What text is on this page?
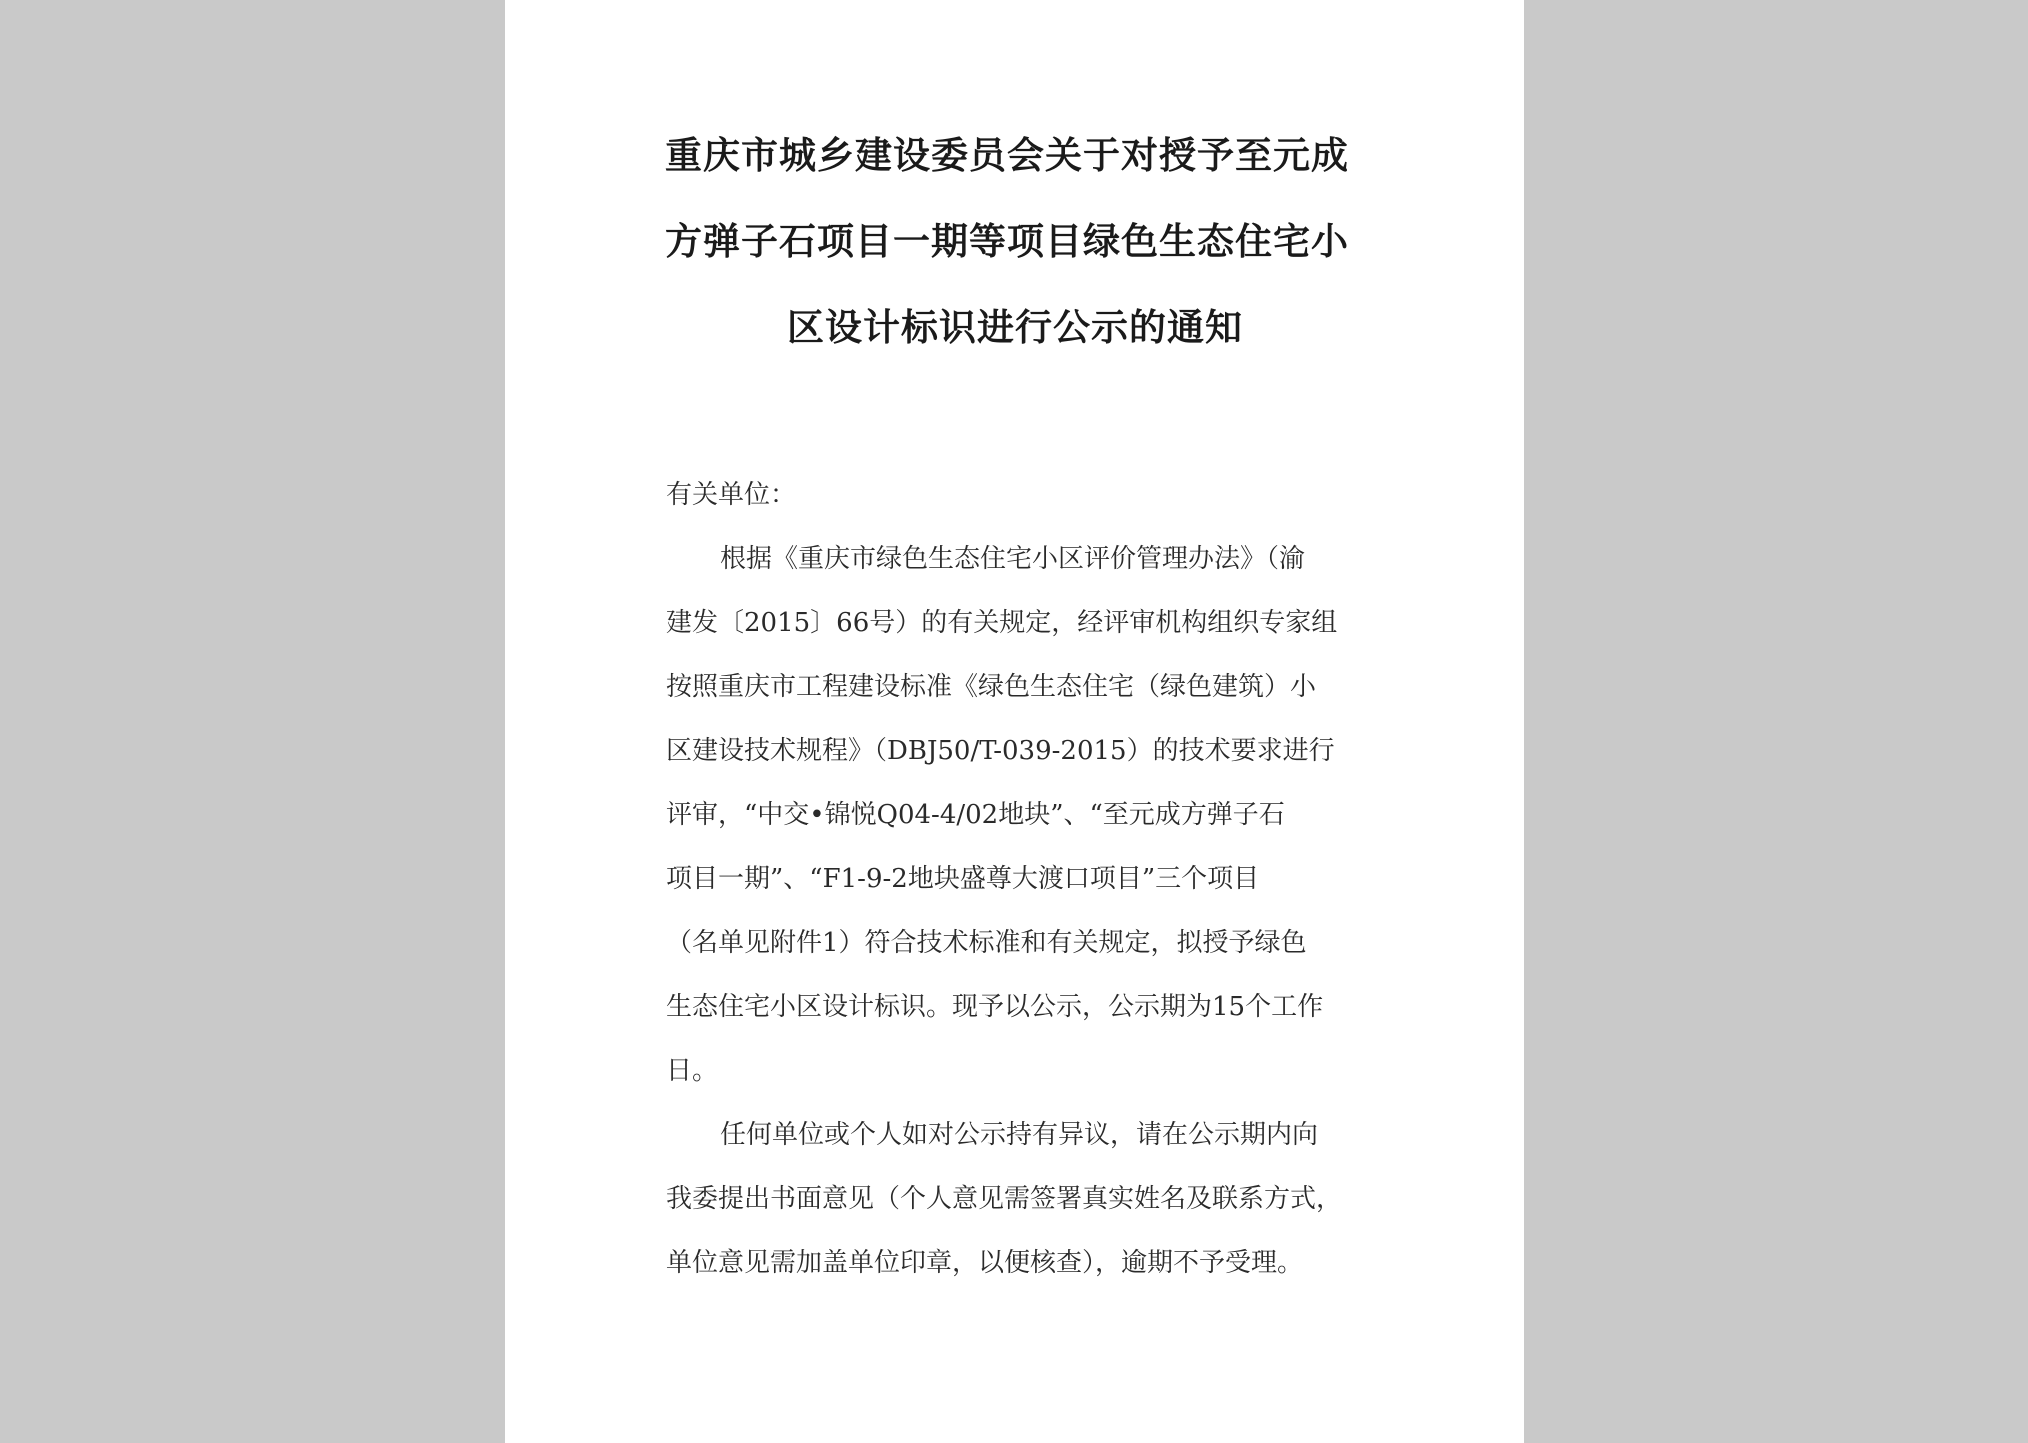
重庆市城乡建设委员会关于对授予至元成
方弹子石项目一期等项目绿色生态住宅小
区设计标识进行公示的通知
有关单位：
根据《重庆市绿色生态住宅小区评价管理办法》（渝
建发〔2015〕66号）的有关规定，经评审机构组织专家组
按照重庆市工程建设标准《绿色生态住宅（绿色建筑）小
区建设技术规程》（DBJ50/T-039-2015）的技术要求进行
评审，“中交•锦悦Q04-4/02地块”、“至元成方弹子石
项目一期”、“F1-9-2地块盛尊大渡口项目”三个项目
（名单见附件1）符合技术标准和有关规定，拟授予绿色
生态住宅小区设计标识。现予以公示，公示期为15个工作
日。
任何单位或个人如对公示持有异议，请在公示期内向
我委提出书面意见（个人意见需签署真实姓名及联系方式，
单位意见需加盖单位印章，以便核查），逾期不予受理。
